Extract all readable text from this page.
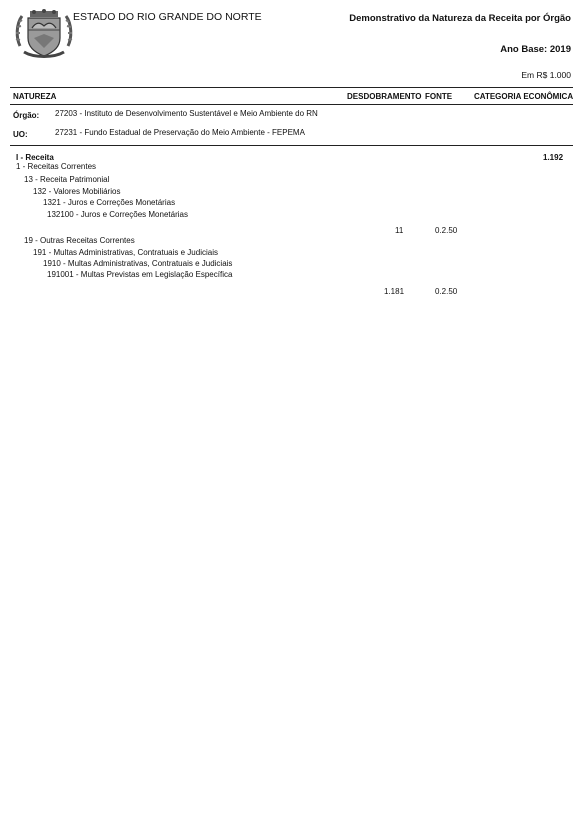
ESTADO DO RIO GRANDE DO NORTE	Demonstrativo da Natureza da Receita por Órgão
Ano Base: 2019
Em R$ 1.000
NATUREZA	DESDOBRAMENTO FONTE	CATEGORIA ECONÔMICA
Órgão: 27203 - Instituto de Desenvolvimento Sustentável e Meio Ambiente do RN
UO:	27231 - Fundo Estadual de Preservação do Meio Ambiente - FEPEMA
I - Receita	1.192
1 - Receitas Correntes
13 - Receita Patrimonial
132 - Valores Mobiliários
1321 - Juros e Correções Monetárias
132100 - Juros e Correções Monetárias
11	0.2.50
19 - Outras Receitas Correntes
191 - Multas Administrativas, Contratuais e Judiciais
1910 - Multas Administrativas, Contratuais e Judiciais
191001 - Multas Previstas em Legislação Específica
1.181	0.2.50
